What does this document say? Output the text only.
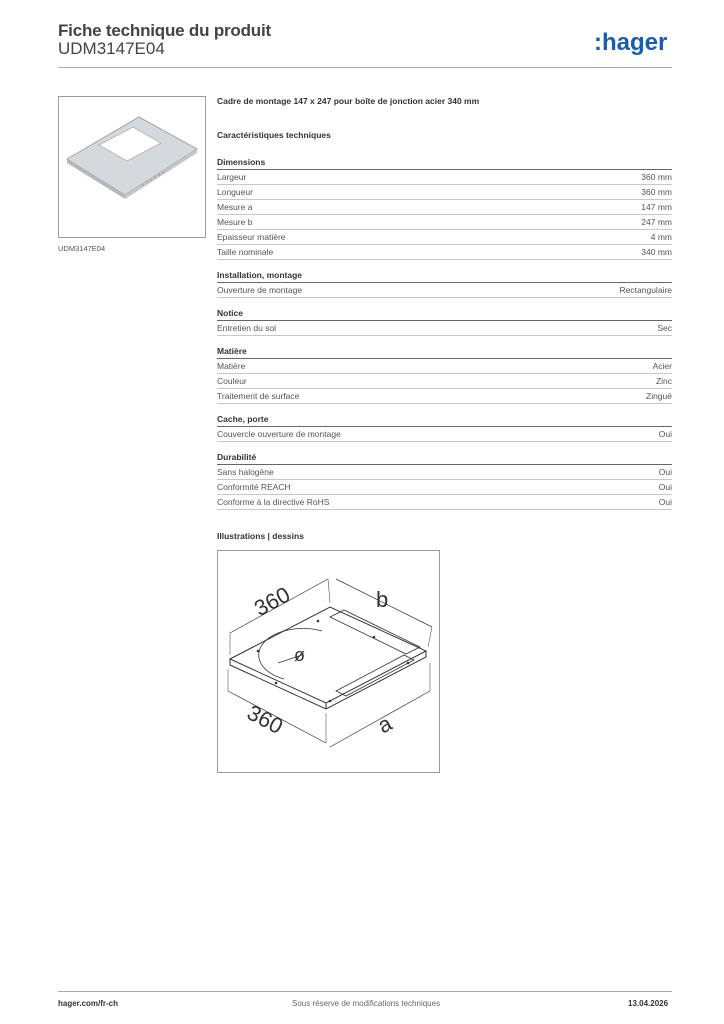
Fiche technique du produit
UDM3147E04	:hager
UDM3147E04
Cadre de montage 147 x 247 pour boîte de jonction acier 340 mm
Caractéristiques techniques
Dimensions
Largeur	360 mm
Longueur	360 mm
Mesure a	147 mm
Mesure b	247 mm
Epaisseur matière	4 mm
Taille nominale	340 mm
Installation, montage
Ouverture de montage	Rectangulaire
Notice
Entretien du sol	Sec
Matière
Matière	Acier
Couleur	Zinc
Traitement de surface	Zingué
Cache, porte
Couvercle ouverture de montage	Oui
Durabilité
Sans halogène	Oui
Conformité REACH	Oui
Conforme à la directive RoHS	Oui
Illustrations | dessins
360	b
360	a
ø
hager.com/fr-ch	Sous réserve de modifications techniques	13.04.2026
